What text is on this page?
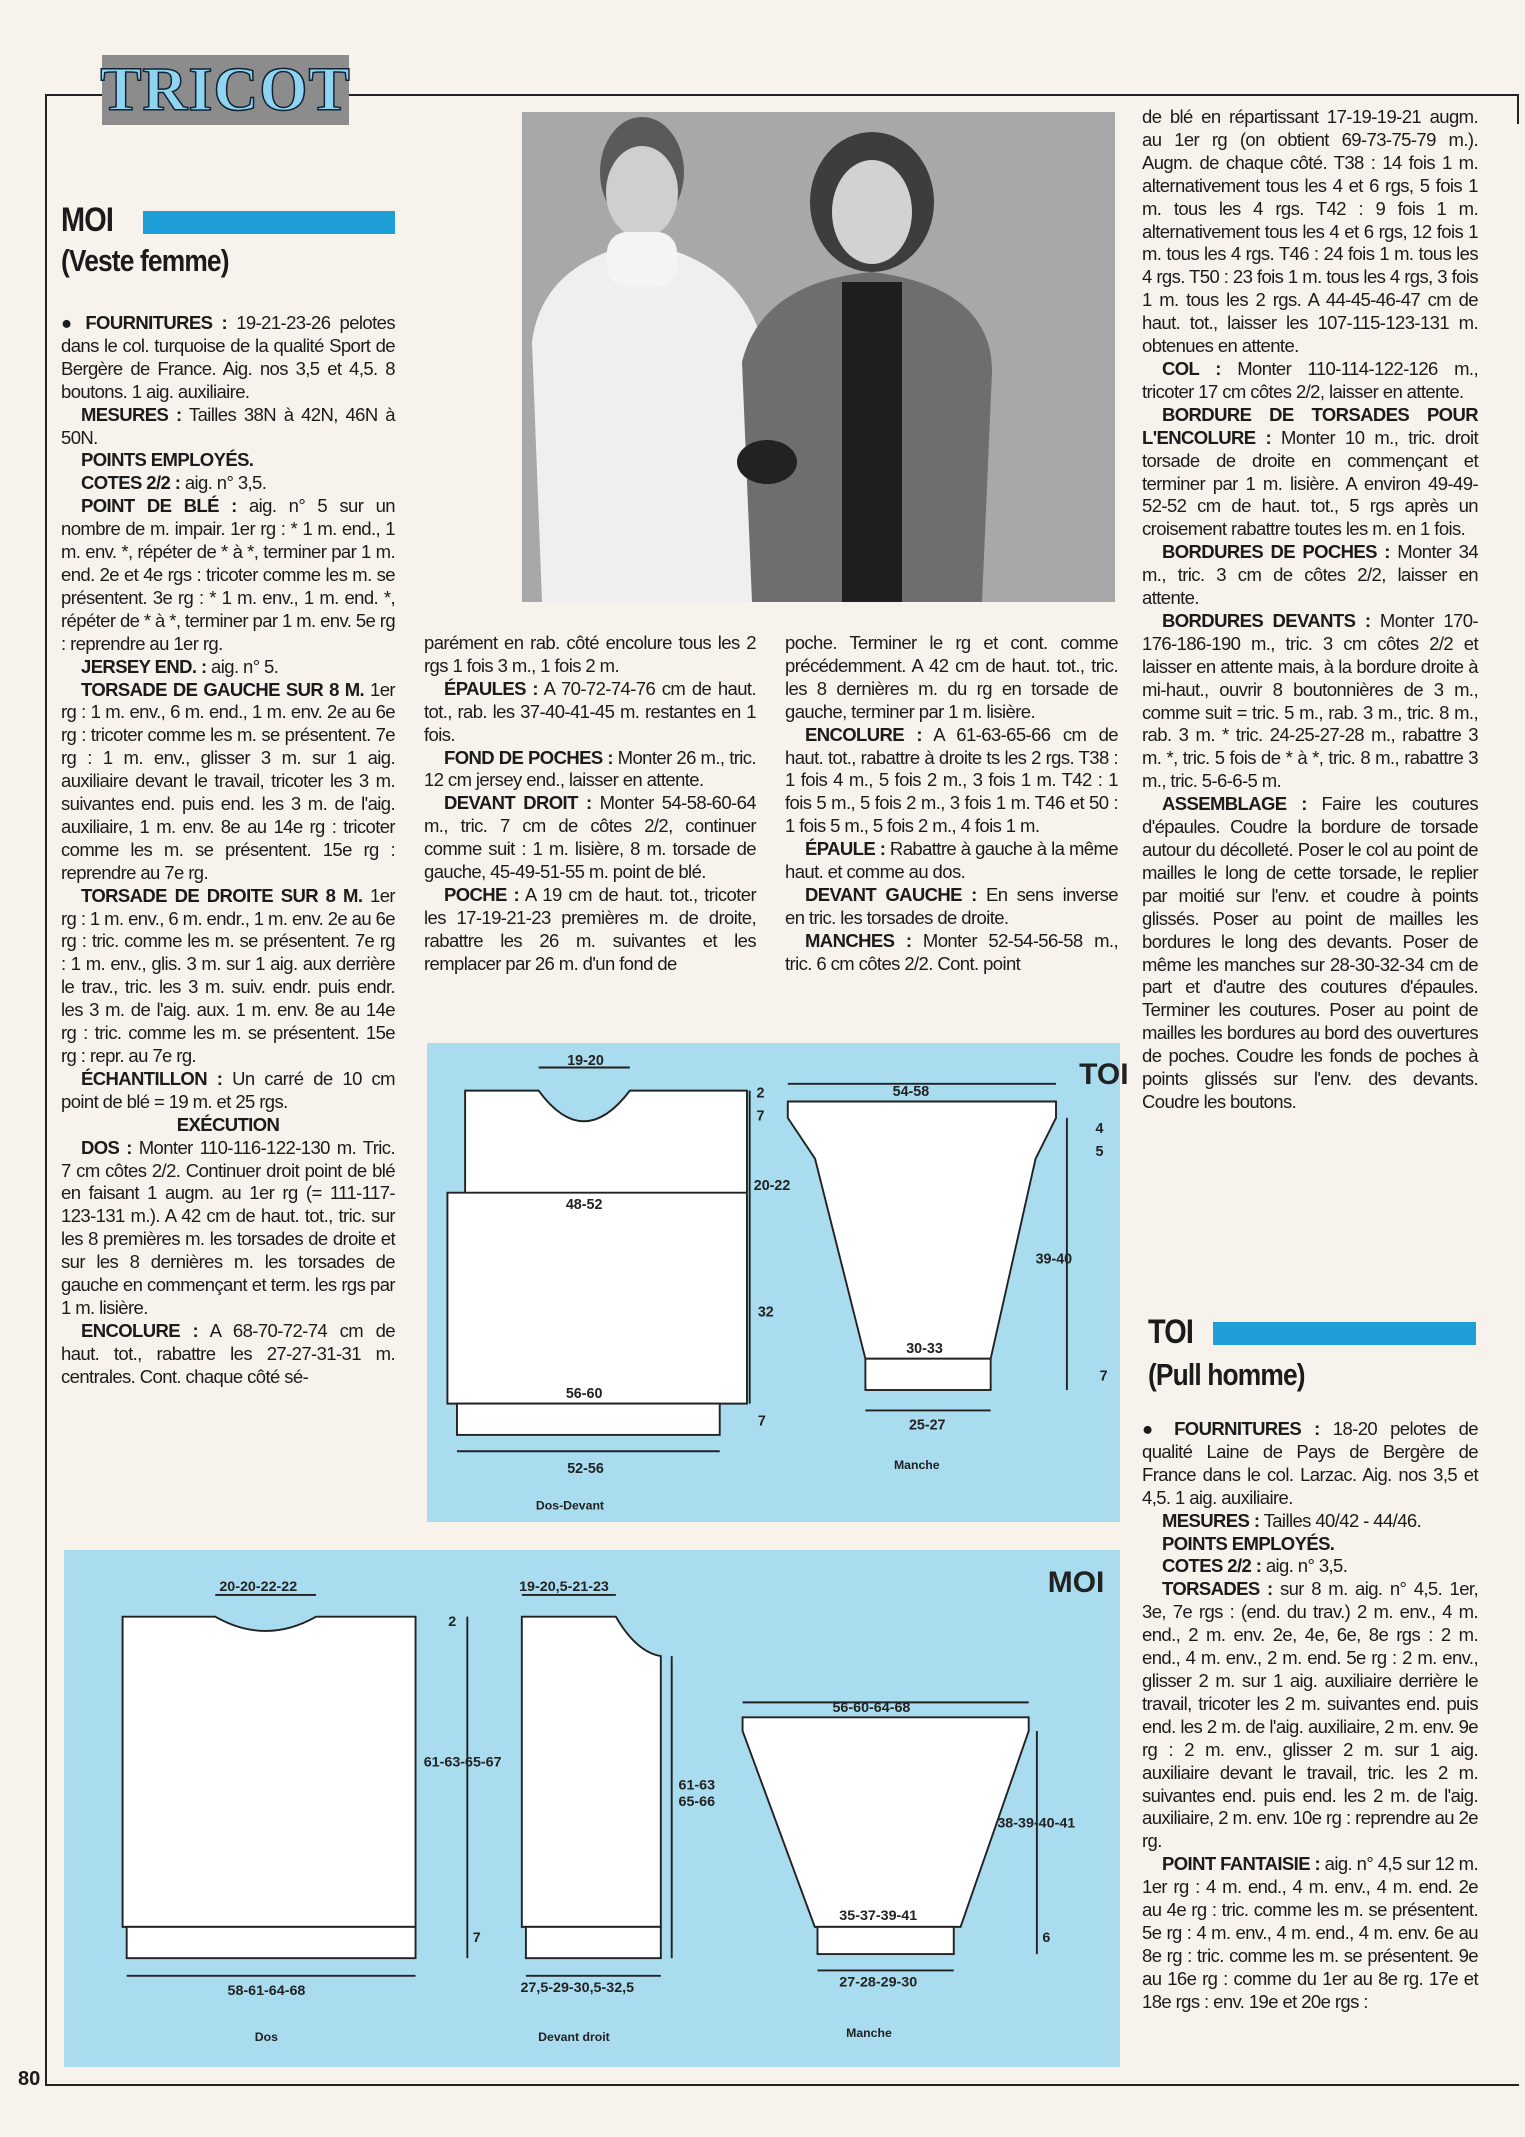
TRICOT
MOI
(Veste femme)

● FOURNITURES : 19-21-23-26 pelotes dans le col. turquoise de la qualité Sport de Bergère de France. Aig. nos 3,5 et 4,5. 8 boutons. 1 aig. auxiliaire.

MESURES : Tailles 38N à 42N, 46N à 50N.

POINTS EMPLOYÉS.

COTES 2/2 : aig. n° 3,5.

POINT DE BLÉ : aig. n° 5 sur un nombre de m. impair. 1er rg : * 1 m. end., 1 m. env. *, répéter de * à *, terminer par 1 m. end. 2e et 4e rgs : tricoter comme les m. se présentent. 3e rg : * 1 m. env., 1 m. end. *, répéter de * à *, terminer par 1 m. env. 5e rg : reprendre au 1er rg.

JERSEY END. : aig. n° 5.

TORSADE DE GAUCHE SUR 8 M. 1er rg : 1 m. env., 6 m. end., 1 m. env. 2e au 6e rg : tricoter comme les m. se présentent. 7e rg : 1 m. env., glisser 3 m. sur 1 aig. auxiliaire devant le travail, tricoter les 3 m. suivantes end. puis end. les 3 m. de l'aig. auxiliaire, 1 m. env. 8e au 14e rg : tricoter comme les m. se présentent. 15e rg : reprendre au 7e rg.

TORSADE DE DROITE SUR 8 M. 1er rg : 1 m. env., 6 m. endr., 1 m. env. 2e au 6e rg : tric. comme les m. se présentent. 7e rg : 1 m. env., glis. 3 m. sur 1 aig. aux derrière le trav., tric. les 3 m. suiv. endr. puis endr. les 3 m. de l'aig. aux. 1 m. env. 8e au 14e rg : tric. comme les m. se présentent. 15e rg : repr. au 7e rg.

ÉCHANTILLON : Un carré de 10 cm point de blé = 19 m. et 25 rgs.

EXÉCUTION

DOS : Monter 110-116-122-130 m. Tric. 7 cm côtes 2/2. Continuer droit point de blé en faisant 1 augm. au 1er rg (= 111-117-123-131 m.). A 42 cm de haut. tot., tric. sur les 8 premières m. les torsades de droite et sur les 8 dernières m. les torsades de gauche en commençant et term. les rgs par 1 m. lisière.

ENCOLURE : A 68-70-72-74 cm de haut. tot., rabattre les 27-27-31-31 m. centrales. Cont. chaque côté sé-

parément en rab. côté encolure tous les 2 rgs 1 fois 3 m., 1 fois 2 m.

ÉPAULES : A 70-72-74-76 cm de haut. tot., rab. les 37-40-41-45 m. restantes en 1 fois.

FOND DE POCHES : Monter 26 m., tric. 12 cm jersey end., laisser en attente.

DEVANT DROIT : Monter 54-58-60-64 m., tric. 7 cm de côtes 2/2, continuer comme suit : 1 m. lisière, 8 m. torsade de gauche, 45-49-51-55 m. point de blé.

POCHE : A 19 cm de haut. tot., tricoter les 17-19-21-23 premières m. de droite, rabattre les 26 m. suivantes et les remplacer par 26 m. d'un fond de

poche. Terminer le rg et cont. comme précédemment. A 42 cm de haut. tot., tric. les 8 dernières m. du rg en torsade de gauche, terminer par 1 m. lisière.

ENCOLURE : A 61-63-65-66 cm de haut. tot., rabattre à droite ts les 2 rgs. T38 : 1 fois 4 m., 5 fois 2 m., 3 fois 1 m. T42 : 1 fois 5 m., 5 fois 2 m., 3 fois 1 m. T46 et 50 : 1 fois 5 m., 5 fois 2 m., 4 fois 1 m.

ÉPAULE : Rabattre à gauche à la même haut. et comme au dos.

DEVANT GAUCHE : En sens inverse en tric. les torsades de droite.

MANCHES : Monter 52-54-56-58 m., tric. 6 cm côtes 2/2. Cont. point

de blé en répartissant 17-19-19-21 augm. au 1er rg (on obtient 69-73-75-79 m.). Augm. de chaque côté. T38 : 14 fois 1 m. alternativement tous les 4 et 6 rgs, 5 fois 1 m. tous les 4 rgs. T42 : 9 fois 1 m. alternativement tous les 4 et 6 rgs, 12 fois 1 m. tous les 4 rgs. T46 : 24 fois 1 m. tous les 4 rgs. T50 : 23 fois 1 m. tous les 4 rgs, 3 fois 1 m. tous les 2 rgs. A 44-45-46-47 cm de haut. tot., laisser les 107-115-123-131 m. obtenues en attente.

COL : Monter 110-114-122-126 m., tricoter 17 cm côtes 2/2, laisser en attente.

BORDURE DE TORSADES POUR L'ENCOLURE : Monter 10 m., tric. droit torsade de droite en commençant et terminer par 1 m. lisière. A environ 49-49-52-52 cm de haut. tot., 5 rgs après un croisement rabattre toutes les m. en 1 fois.

BORDURES DE POCHES : Monter 34 m., tric. 3 cm de côtes 2/2, laisser en attente.

BORDURES DEVANTS : Monter 170-176-186-190 m., tric. 3 cm côtes 2/2 et laisser en attente mais, à la bordure droite à mi-haut., ouvrir 8 boutonnières de 3 m., comme suit = tric. 5 m., rab. 3 m., tric. 8 m., rab. 3 m. * tric. 24-25-27-28 m., rabattre 3 m. *, tric. 5 fois de * à *, tric. 8 m., rabattre 3 m., tric. 5-6-6-5 m.

ASSEMBLAGE : Faire les coutures d'épaules. Coudre la bordure de torsade autour du décolleté. Poser le col au point de mailles le long de cette torsade, le replier par moitié sur l'env. et coudre à points glissés. Poser au point de mailles les bordures le long des devants. Poser de même les manches sur 28-30-32-34 cm de part et d'autre des coutures d'épaules. Terminer les coutures. Poser au point de mailles les bordures au bord des ouvertures de poches. Coudre les fonds de poches à points glissés sur l'env. des devants. Coudre les boutons.

TOI
(Pull homme)

● FOURNITURES : 18-20 pelotes de qualité Laine de Pays de Bergère de France dans le col. Larzac. Aig. nos 3,5 et 4,5. 1 aig. auxiliaire.

MESURES : Tailles 40/42 - 44/46.

POINTS EMPLOYÉS.

COTES 2/2 : aig. n° 3,5.

TORSADES : sur 8 m. aig. n° 4,5. 1er, 3e, 7e rgs : (end. du trav.) 2 m. env., 4 m. end., 2 m. env. 2e, 4e, 6e, 8e rgs : 2 m. end., 4 m. env., 2 m. end. 5e rg : 2 m. env., glisser 2 m. sur 1 aig. auxiliaire derrière le travail, tricoter les 2 m. suivantes end. puis end. les 2 m. de l'aig. auxiliaire, 2 m. env. 9e rg : 2 m. env., glisser 2 m. sur 1 aig. auxiliaire devant le travail, tric. les 2 m. suivantes end. puis end. les 2 m. de l'aig. auxiliaire, 2 m. env. 10e rg : reprendre au 2e rg.

POINT FANTAISIE : aig. n° 4,5 sur 12 m. 1er rg : 4 m. end., 4 m. env., 4 m. end. 2e au 4e rg : tric. comme les m. se présentent. 5e rg : 4 m. env., 4 m. end., 4 m. env. 6e au 8e rg : tric. comme les m. se présentent. 9e au 16e rg : comme du 1er au 8e rg. 17e et 18e rgs : env. 19e et 20e rgs :

TOI
19-20
2
7
20-22
48-52
32
56-60
7
52-56
Dos-Devant
54-58
4
5
39-40
30-33
7
25-27
Manche
MOI
20-20-22-22
2
61-63-65-67
7
58-61-64-68
Dos
19-20,5-21-23
61-63
65-66
27,5-29-30,5-32,5
Devant droit
56-60-64-68
38-39-40-41
35-37-39-41
6
27-28-29-30
Manche
80
